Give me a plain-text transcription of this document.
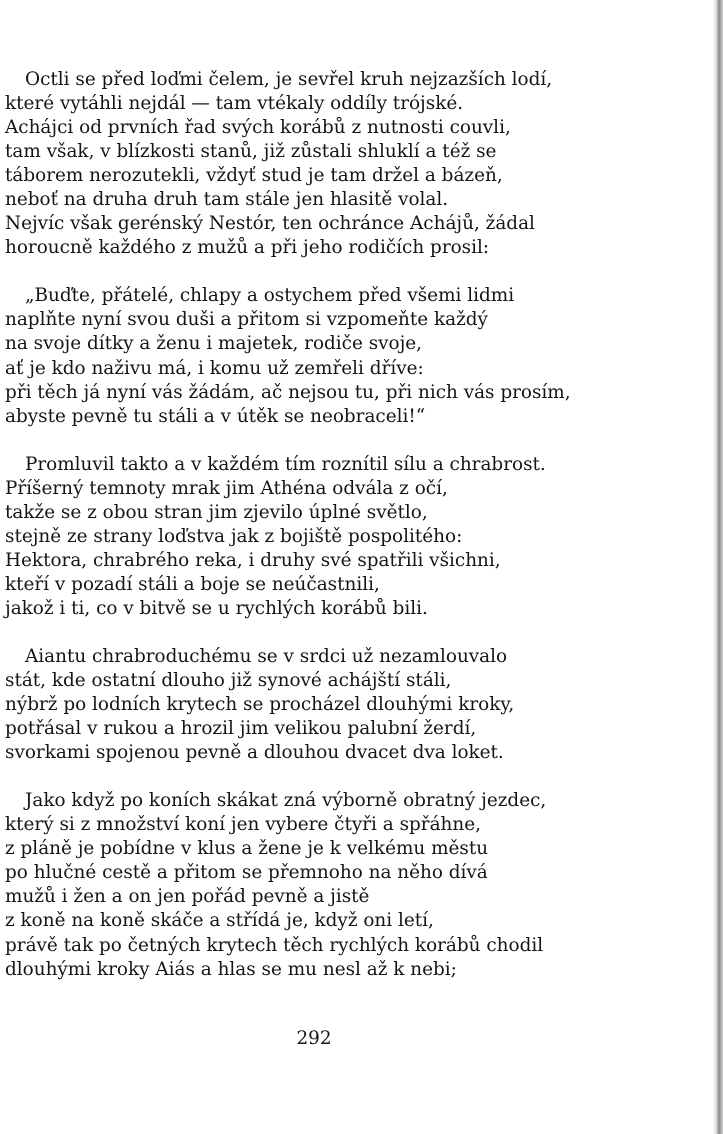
Octli se před loďmi čelem, je sevřel kruh nejzazších lodí,
které vytáhli nejdál — tam vtékaly oddíly trójské.
Achájci od prvních řad svých korábů z nutnosti couvli,
tam však, v blízkosti stanů, již zůstali shluklí a též se
táborem nerozutekli, vždyť stud je tam držel a bázeň,
neboť na druha druh tam stále jen hlasitě volal.
Nejvíc však gerénský Nestór, ten ochránce Achájů, žádal
horoucně každého z mužů a při jeho rodičích prosil:
„Buďte, přátelé, chlapy a ostychem před všemi lidmi
naplňte nyní svou duši a přitom si vzpomeňte každý
na svoje dítky a ženu i majetek, rodiče svoje,
ať je kdo naživu má, i komu už zemřeli dříve:
při těch já nyní vás žádám, ač nejsou tu, při nich vás prosím,
abyste pevně tu stáli a v útěk se neobraceli!“
Promluvil takto a v každém tím roznítil sílu a chrabrost.
Příšerný temnoty mrak jim Athéna odvála z očí,
takže se z obou stran jim zjevilo úplné světlo,
stejně ze strany loďstva jak z bojiště pospolitého:
Hektora, chrabrého reka, i druhy své spatřili všichni,
kteří v pozadí stáli a boje se neúčastnili,
jakož i ti, co v bitvě se u rychlých korábů bili.
Aiantu chrabroduchému se v srdci už nezamlouvalo
stát, kde ostatní dlouho již synové achájští stáli,
nýbrž po lodních krytech se procházel dlouhými kroky,
potřásal v rukou a hrozil jim velikou palubní žerdí,
svorkami spojenou pevně a dlouhou dvacet dva loket.
Jako když po koních skákat zná výborně obratný jezdec,
který si z množství koní jen vybere čtyři a spřáhne,
z pláně je pobídne v klus a žene je k velkému městu
po hlučné cestě a přitom se přemnoho na něho dívá
mužů i žen a on jen pořád pevně a jistě
z koně na koně skáče a střídá je, když oni letí,
právě tak po četných krytech těch rychlých korábů chodil
dlouhými kroky Aiás a hlas se mu nesl až k nebi;
292
